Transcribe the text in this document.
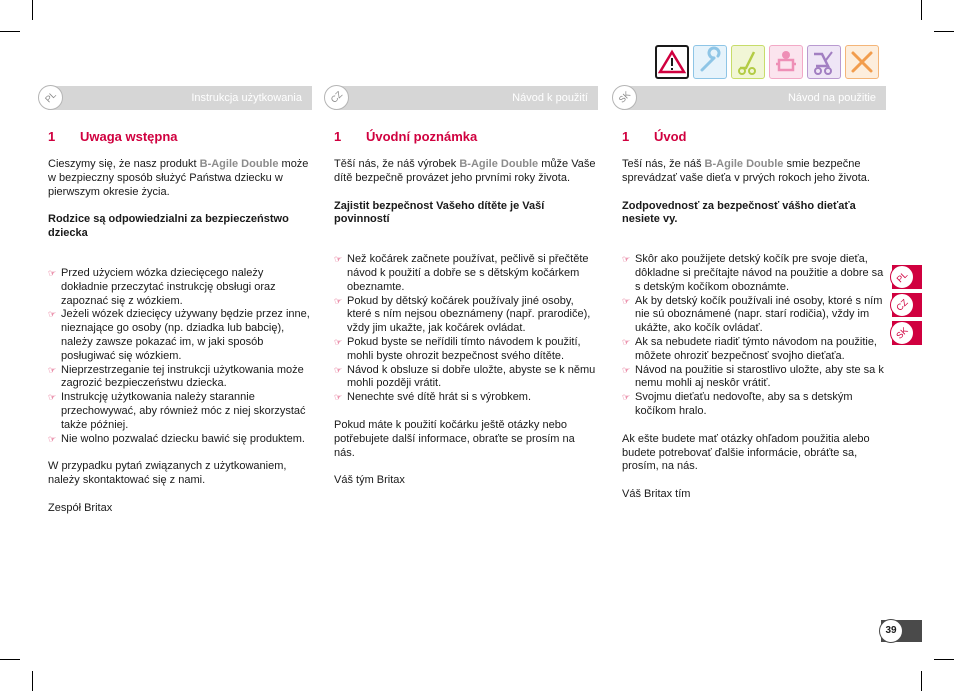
PL	Instrukcja użytkowania
1 Uwaga wstępna

Cieszymy się, że nasz produkt B-Agile Double może w bezpieczny sposób służyć Państwa dziecku w pierwszym okresie życia.

Rodzice są odpowiedzialni za bezpieczeństwo dziecka

☞ Przed użyciem wózka dziecięcego należy dokładnie przeczytać instrukcję obsługi oraz zapoznać się z wózkiem.
☞ Jeżeli wózek dziecięcy używany będzie przez inne, nieznające go osoby (np. dziadka lub babcię), należy zawsze pokazać im, w jaki sposób posługiwać się wózkiem.
☞ Nieprzestrzeganie tej instrukcji użytkowania może zagrozić bezpieczeństwu dziecka.
☞ Instrukcję użytkowania należy starannie przechowywać, aby również móc z niej skorzystać także później.
☞ Nie wolno pozwalać dziecku bawić się produktem.

W przypadku pytań związanych z użytkowaniem, należy skontaktować się z nami.

Zespół Britax

CZ	Návod k použití
1 Úvodní poznámka

Těší nás, že náš výrobek B-Agile Double může Vaše dítě bezpečně provázet jeho prvními roky života.

Zajistit bezpečnost Vašeho dítěte je Vaší povinností

☞ Než kočárek začnete používat, pečlivě si přečtěte návod k použití a dobře se s dětským kočárkem obeznamte.
☞ Pokud by dětský kočárek používaly jiné osoby, které s ním nejsou obeznámeny (např. prarodiče), vždy jim ukažte, jak kočárek ovládat.
☞ Pokud byste se neřídili tímto návodem k použití, mohli byste ohrozit bezpečnost svého dítěte.
☞ Návod k obsluze si dobře uložte, abyste se k němu mohli později vrátit.
☞ Nenechte své dítě hrát si s výrobkem.

Pokud máte k použití kočárku ještě otázky nebo potřebujete další informace, obraťte se prosím na nás.

Váš tým Britax

SK	Návod na použitie
1 Úvod

Teší nás, že náš B-Agile Double smie bezpečne sprevádzať vaše dieťa v prvých rokoch jeho života.

Zodpovednosť za bezpečnosť vášho dieťaťa nesiete vy.

☞ Skôr ako použijete detský kočík pre svoje dieťa, dôkladne si prečítajte návod na použitie a dobre sa s detským kočíkom oboznámte.
☞ Ak by detský kočík používali iné osoby, ktoré s ním nie sú oboznámené (napr. starí rodičia), vždy im ukážte, ako kočík ovládať.
☞ Ak sa nebudete riadiť týmto návodom na použitie, môžete ohroziť bezpečnosť svojho dieťaťa.
☞ Návod na použitie si starostlivo uložte, aby ste sa k nemu mohli aj neskôr vrátiť.
☞ Svojmu dieťaťu nedovoľte, aby sa s detským kočíkom hralo.

Ak ešte budete mať otázky ohľadom použitia alebo budete potrebovať ďalšie informácie, obráťte sa, prosím, na nás.

Váš Britax tím

PL
CZ
SK
39
